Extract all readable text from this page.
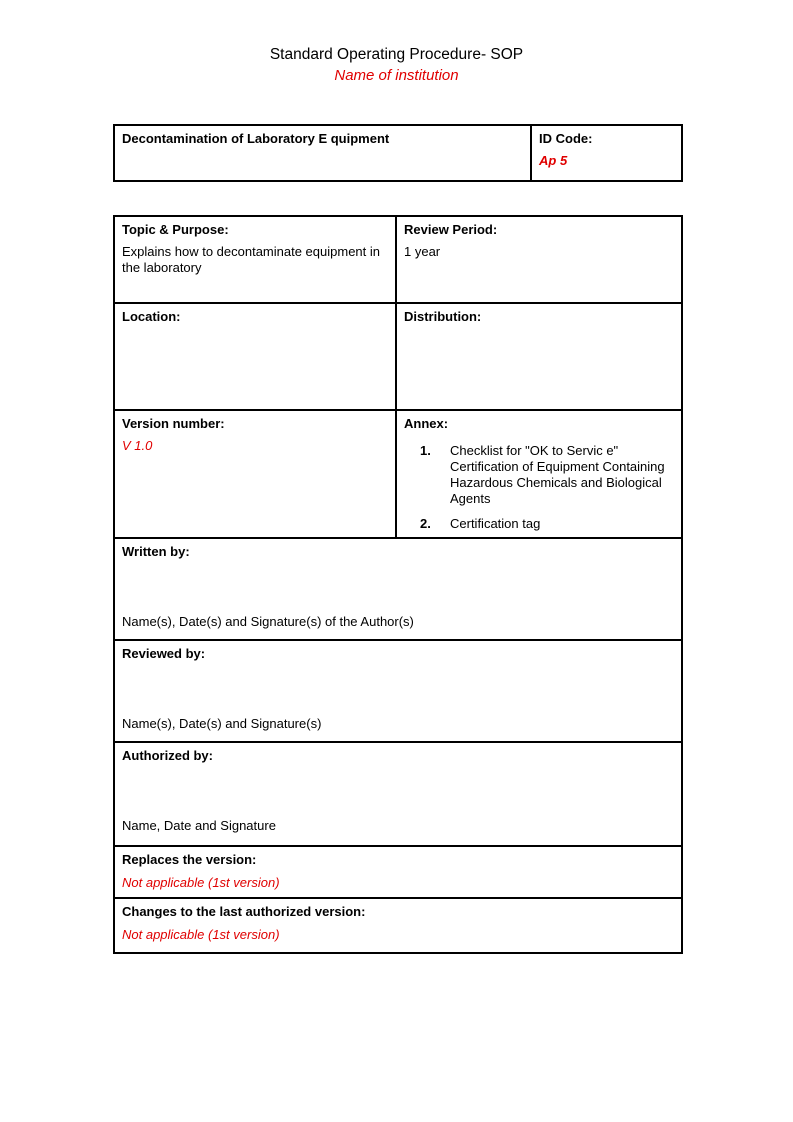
Standard Operating Procedure- SOP
Name of institution
Decontamination of Laboratory E quipment	ID Code:
Ap 5
Topic & Purpose:
Explains how to decontaminate equipment in the laboratory

Review Period:
1 year

Location:	Distribution:

Version number:
V 1.0

Annex:
1.	Checklist for "OK to Servic e" Certification of Equipment Containing Hazardous Chemicals and Biological Agents
2.	Certification tag

Written by:
Name(s), Date(s) and Signature(s) of the Author(s)	

Reviewed by:
Name(s), Date(s) and Signature(s)	

Authorized by:
Name, Date and Signature	

Replaces the version:
Not applicable (1st version)	

Changes to the last authorized version:
Not applicable (1st version)	
